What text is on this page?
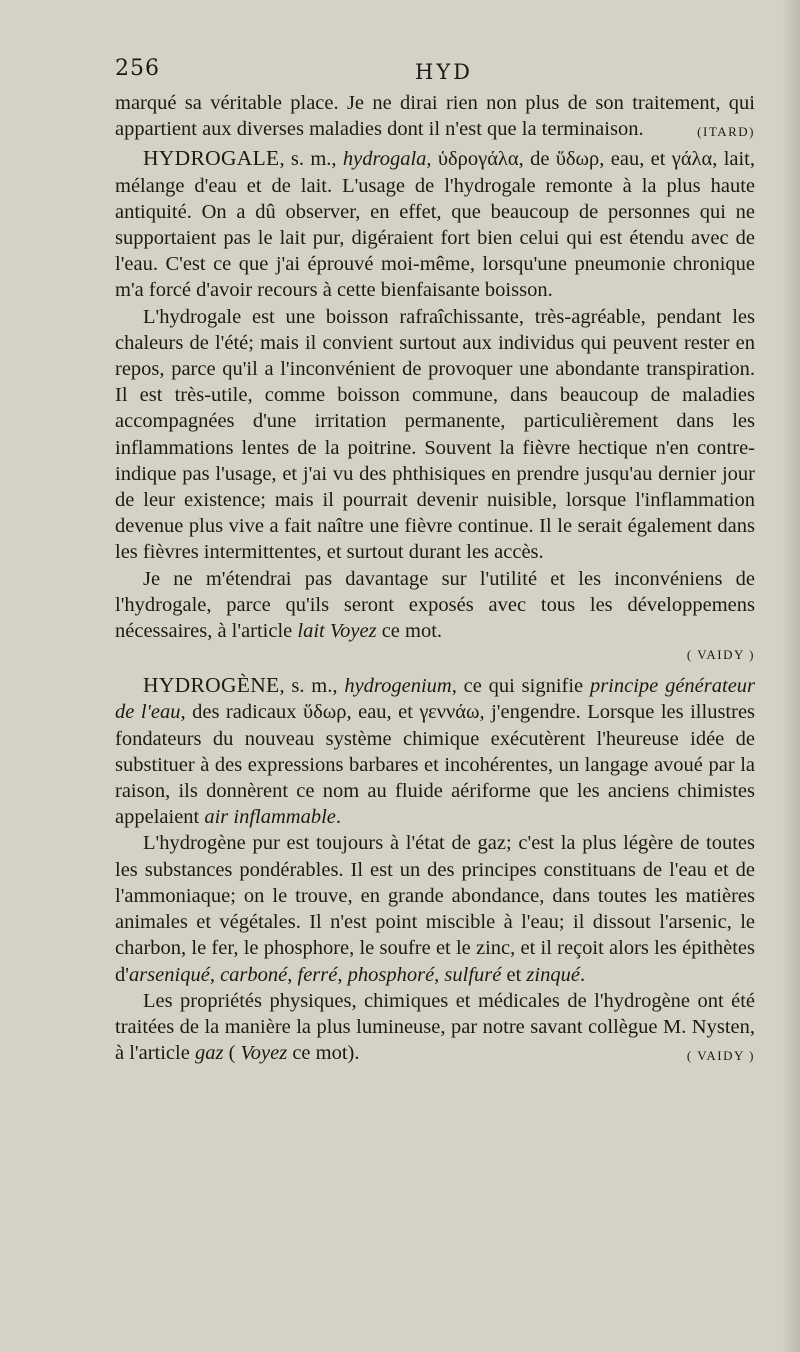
256	HYD

marqué sa véritable place. Je ne dirai rien non plus de son traitement, qui appartient aux diverses maladies dont il n'est que la terminaison.	(ITARD)

HYDROGALE, s. m., hydrogala, ὑδρογάλα, de ὕδωρ, eau, et γάλα, lait, mélange d'eau et de lait. L'usage de l'hydrogale remonte à la plus haute antiquité. On a dû observer, en effet, que beaucoup de personnes qui ne supportaient pas le lait pur, digéraient fort bien celui qui est étendu avec de l'eau. C'est ce que j'ai éprouvé moi-même, lorsqu'une pneumonie chronique m'a forcé d'avoir recours à cette bienfaisante boisson.

L'hydrogale est une boisson rafraîchissante, très-agréable, pendant les chaleurs de l'été; mais il convient surtout aux individus qui peuvent rester en repos, parce qu'il a l'inconvénient de provoquer une abondante transpiration. Il est très-utile, comme boisson commune, dans beaucoup de maladies accompagnées d'une irritation permanente, particulièrement dans les inflammations lentes de la poitrine. Souvent la fièvre hectique n'en contre-indique pas l'usage, et j'ai vu des phthisiques en prendre jusqu'au dernier jour de leur existence; mais il pourrait devenir nuisible, lorsque l'inflammation devenue plus vive a fait naître une fièvre continue. Il le serait également dans les fièvres intermittentes, et surtout durant les accès.

Je ne m'étendrai pas davantage sur l'utilité et les inconvéniens de l'hydrogale, parce qu'ils seront exposés avec tous les développemens nécessaires, à l'article lait Voyez ce mot.

( VAIDY )

HYDROGÈNE, s. m., hydrogenium, ce qui signifie principe générateur de l'eau, des radicaux ὕδωρ, eau, et γεννάω, j'engendre. Lorsque les illustres fondateurs du nouveau système chimique exécutèrent l'heureuse idée de substituer à des expressions barbares et incohérentes, un langage avoué par la raison, ils donnèrent ce nom au fluide aériforme que les anciens chimistes appelaient air inflammable.

L'hydrogène pur est toujours à l'état de gaz; c'est la plus légère de toutes les substances pondérables. Il est un des principes constituans de l'eau et de l'ammoniaque; on le trouve, en grande abondance, dans toutes les matières animales et végétales. Il n'est point miscible à l'eau; il dissout l'arsenic, le charbon, le fer, le phosphore, le soufre et le zinc, et il reçoit alors les épithètes d'arseniqué, carboné, ferré, phosphoré, sulfuré et zinqué.

Les propriétés physiques, chimiques et médicales de l'hydrogène ont été traitées de la manière la plus lumineuse, par notre savant collègue M. Nysten, à l'article gaz ( Voyez ce mot).	( VAIDY )
